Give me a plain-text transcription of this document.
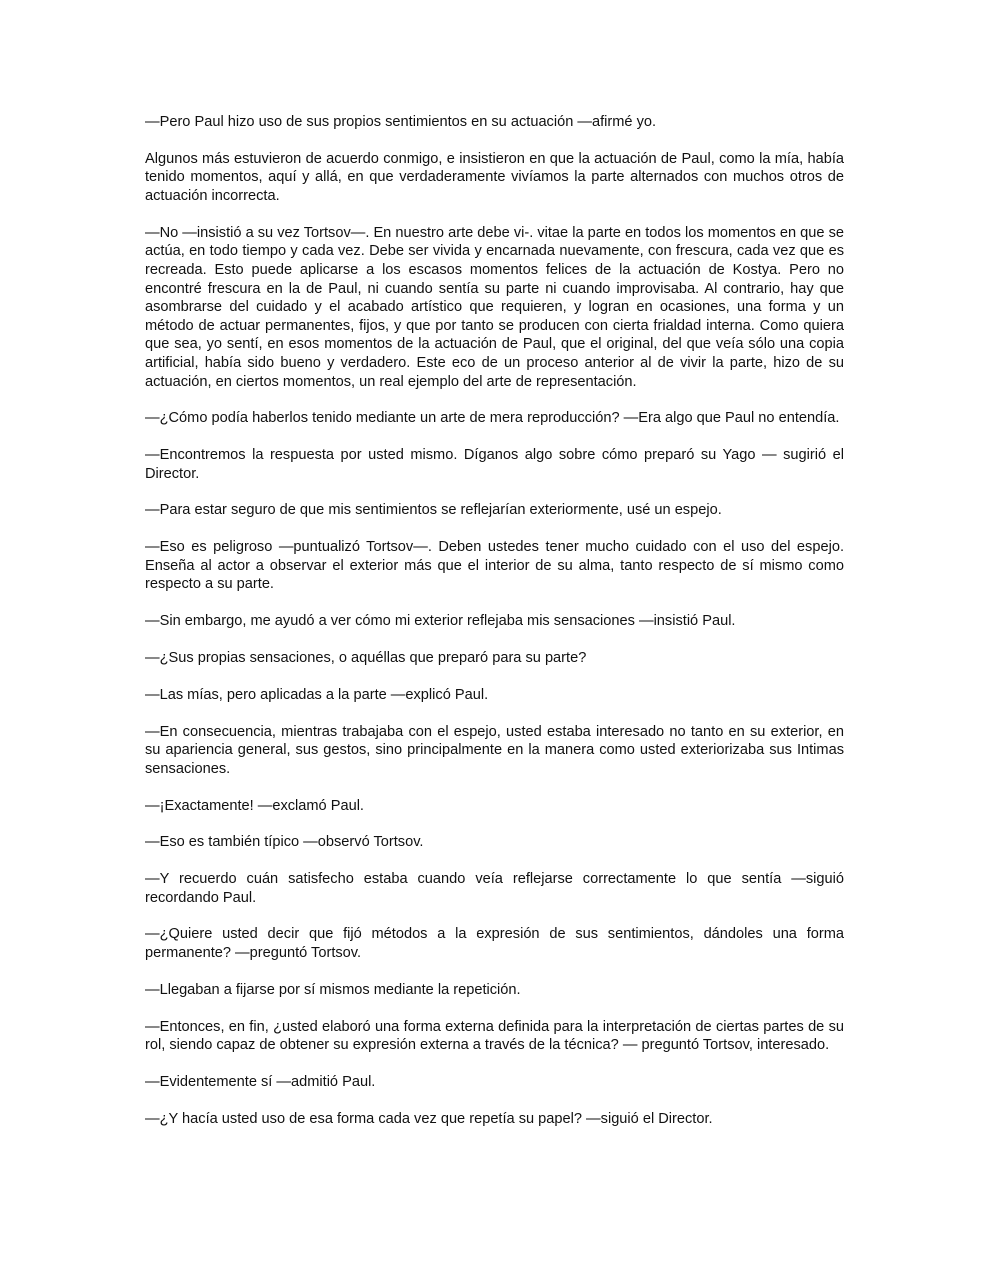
—Pero Paul hizo uso de sus propios sentimientos en su actuación —afirmé yo.

Algunos más estuvieron de acuerdo conmigo, e insistieron en que la actuación de Paul, como la mía, había tenido momentos, aquí y allá, en que verdaderamente vivíamos la parte alternados con muchos otros de actuación incorrecta.

—No —insistió a su vez Tortsov—. En nuestro arte debe vi-. vitae la parte en todos los momentos en que se actúa, en todo tiempo y cada vez. Debe ser vivida y encarnada nuevamente, con frescura, cada vez que es recreada. Esto puede aplicarse a los escasos momentos felices de la actuación de Kostya. Pero no encontré frescura en la de Paul, ni cuando sentía su parte ni cuando improvisaba. Al contrario, hay que asombrarse del cuidado y el acabado artístico que requieren, y logran en ocasiones, una forma y un método de actuar permanentes, fijos, y que por tanto se producen con cierta frialdad interna. Como quiera que sea, yo sentí, en esos momentos de la actuación de Paul, que el original, del que veía sólo una copia artificial, había sido bueno y verdadero. Este eco de un proceso anterior al de vivir la parte, hizo de su actuación, en ciertos momentos, un real ejemplo del arte de representación.

—¿Cómo podía haberlos tenido mediante un arte de mera reproducción? —Era algo que Paul no entendía.

—Encontremos la respuesta por usted mismo. Díganos algo sobre cómo preparó su Yago — sugirió el Director.

—Para estar seguro de que mis sentimientos se reflejarían exteriormente, usé un espejo.

—Eso es peligroso —puntualizó Tortsov—. Deben ustedes tener mucho cuidado con el uso del espejo. Enseña al actor a observar el exterior más que el interior de su alma, tanto respecto de sí mismo como respecto a su parte.

—Sin embargo, me ayudó a ver cómo mi exterior reflejaba mis sensaciones —insistió Paul.

—¿Sus propias sensaciones, o aquéllas que preparó para su parte?

—Las mías, pero aplicadas a la parte —explicó Paul.

—En consecuencia, mientras trabajaba con el espejo, usted estaba interesado no tanto en su exterior, en su apariencia general, sus gestos, sino principalmente en la manera como usted exteriorizaba sus Intimas sensaciones.

—¡Exactamente! —exclamó Paul.

—Eso es también típico —observó Tortsov.

—Y recuerdo cuán satisfecho estaba cuando veía reflejarse correctamente lo que sentía —siguió recordando Paul.

—¿Quiere usted decir que fijó métodos a la expresión de sus sentimientos, dándoles una forma permanente? —preguntó Tortsov.

—Llegaban a fijarse por sí mismos mediante la repetición.

—Entonces, en fin, ¿usted elaboró una forma externa definida para la interpretación de ciertas partes de su rol, siendo capaz de obtener su expresión externa a través de la técnica? — preguntó Tortsov, interesado.

—Evidentemente sí —admitió Paul.

—¿Y hacía usted uso de esa forma cada vez que repetía su papel? —siguió el Director.
